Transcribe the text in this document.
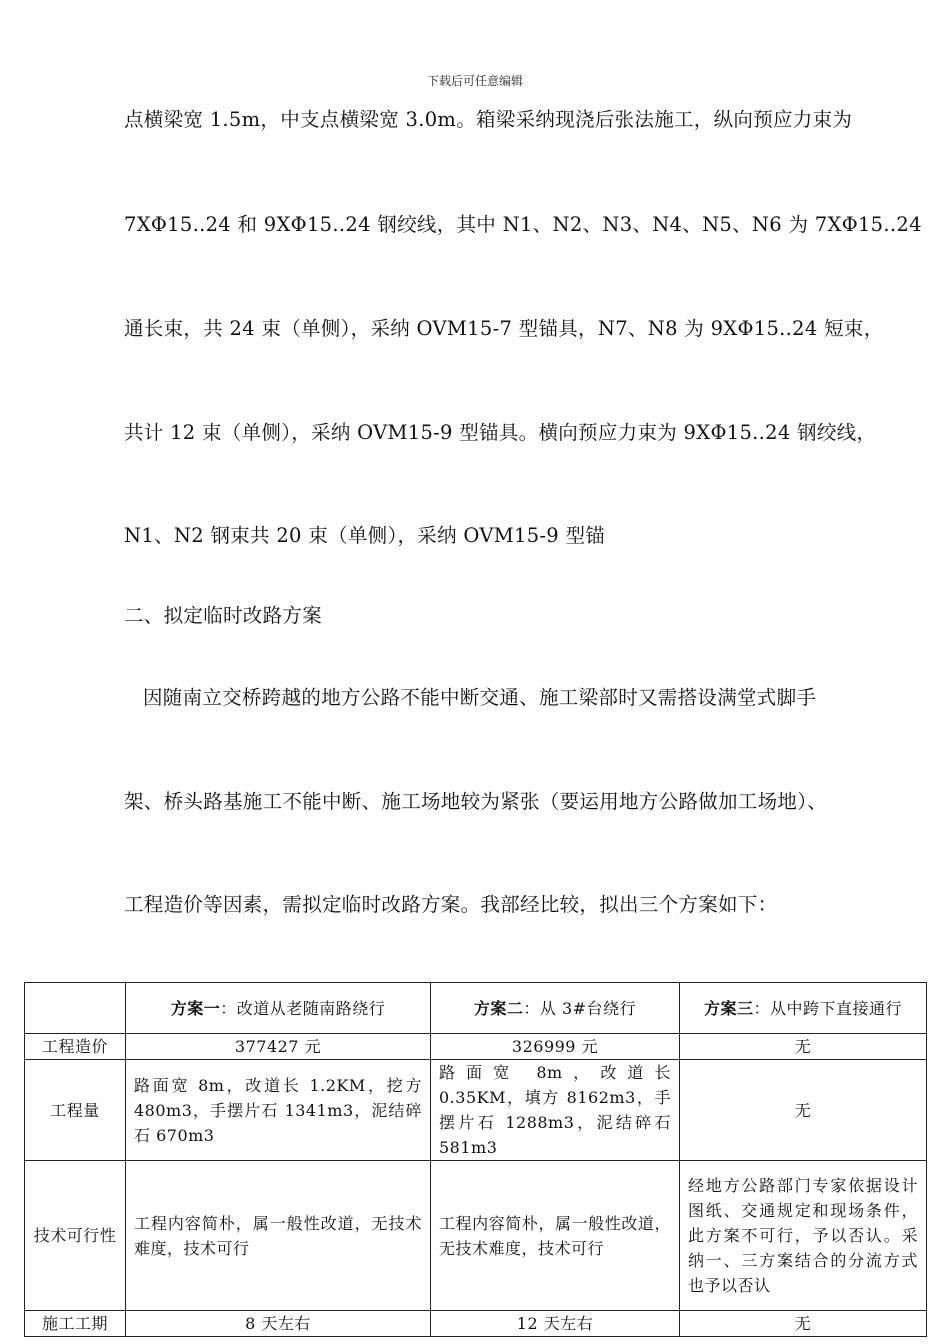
下载后可任意编辑
点横梁宽 1.5m，中支点横梁宽 3.0m。箱梁采纳现浇后张法施工，纵向预应力束为
7XΦ15..24 和 9XΦ15..24 钢绞线，其中 N1、N2、N3、N4、N5、N6 为 7XΦ15..24
通长束，共 24 束（单侧），采纳 OVM15-7 型锚具，N7、N8 为 9XΦ15..24 短束，
共计 12 束（单侧），采纳 OVM15-9 型锚具。横向预应力束为 9XΦ15..24 钢绞线，
N1、N2 钢束共 20 束（单侧），采纳 OVM15-9 型锚
二、拟定临时改路方案
因随南立交桥跨越的地方公路不能中断交通、施工梁部时又需搭设满堂式脚手
架、桥头路基施工不能中断、施工场地较为紧张（要运用地方公路做加工场地）、
工程造价等因素，需拟定临时改路方案。我部经比较，拟出三个方案如下：
	方案一：改道从老随南路绕行	方案二：从 3#台绕行	方案三：从中跨下直接通行
工程造价	377427 元	326999 元	无
工程量	路面宽 8m，改道长 1.2KM，挖方 480m3，手摆片石 1341m3，泥结碎石 670m3	路面宽 8m，改道长 0.35KM，填方 8162m3，手摆片石 1288m3，泥结碎石 581m3	无
技术可行性	工程内容简朴，属一般性改道，无技术难度，技术可行	工程内容简朴，属一般性改道，无技术难度，技术可行	经地方公路部门专家依据设计图纸、交通规定和现场条件，此方案不可行，予以否认。采纳一、三方案结合的分流方式也予以否认
施工工期	8 天左右	12 天左右	无
